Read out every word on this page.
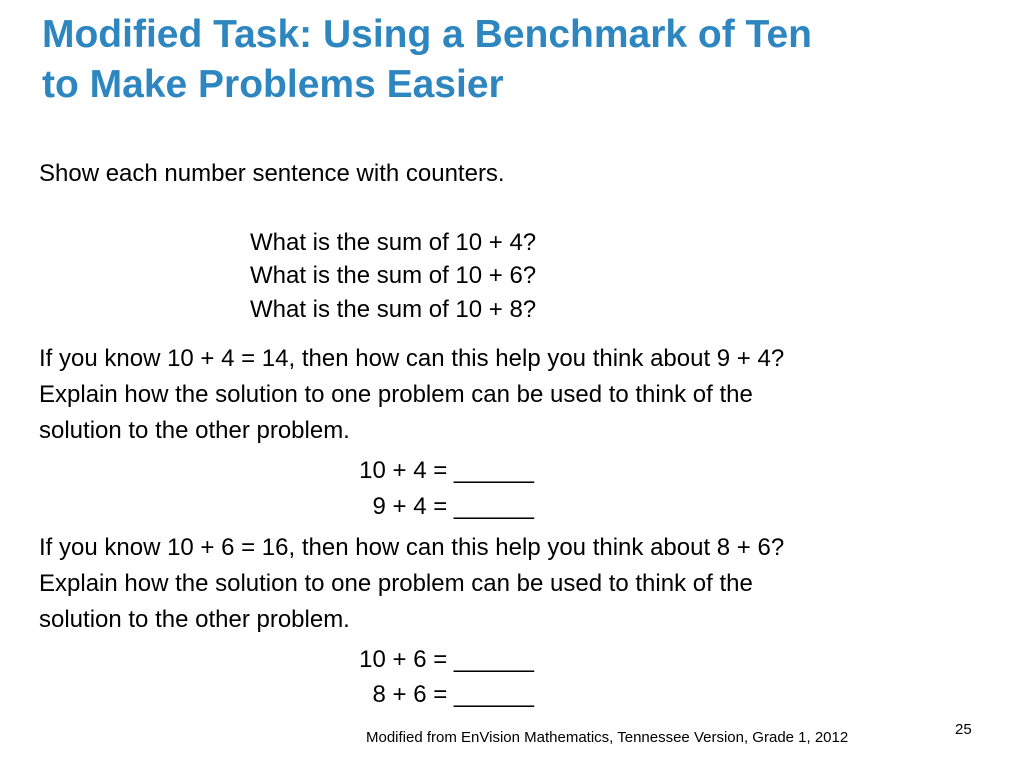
Modified Task: Using a Benchmark of Ten
to Make Problems Easier
Show each number sentence with counters.
What is the sum of 10 + 4?
What is the sum of 10 + 6?
What is the sum of 10 + 8?
If you know 10 + 4 = 14, then how can this help you think about 9 + 4?
Explain how the solution to one problem can be used to think of the
solution to the other problem.
10 + 4 = ______
9 + 4 = ______
If you know 10 + 6 = 16, then how can this help you think about 8 + 6?
Explain how the solution to one problem can be used to think of the
solution to the other problem.
10 + 6 = ______
8 + 6 = ______
Modified from EnVision Mathematics, Tennessee Version, Grade 1, 2012	25
